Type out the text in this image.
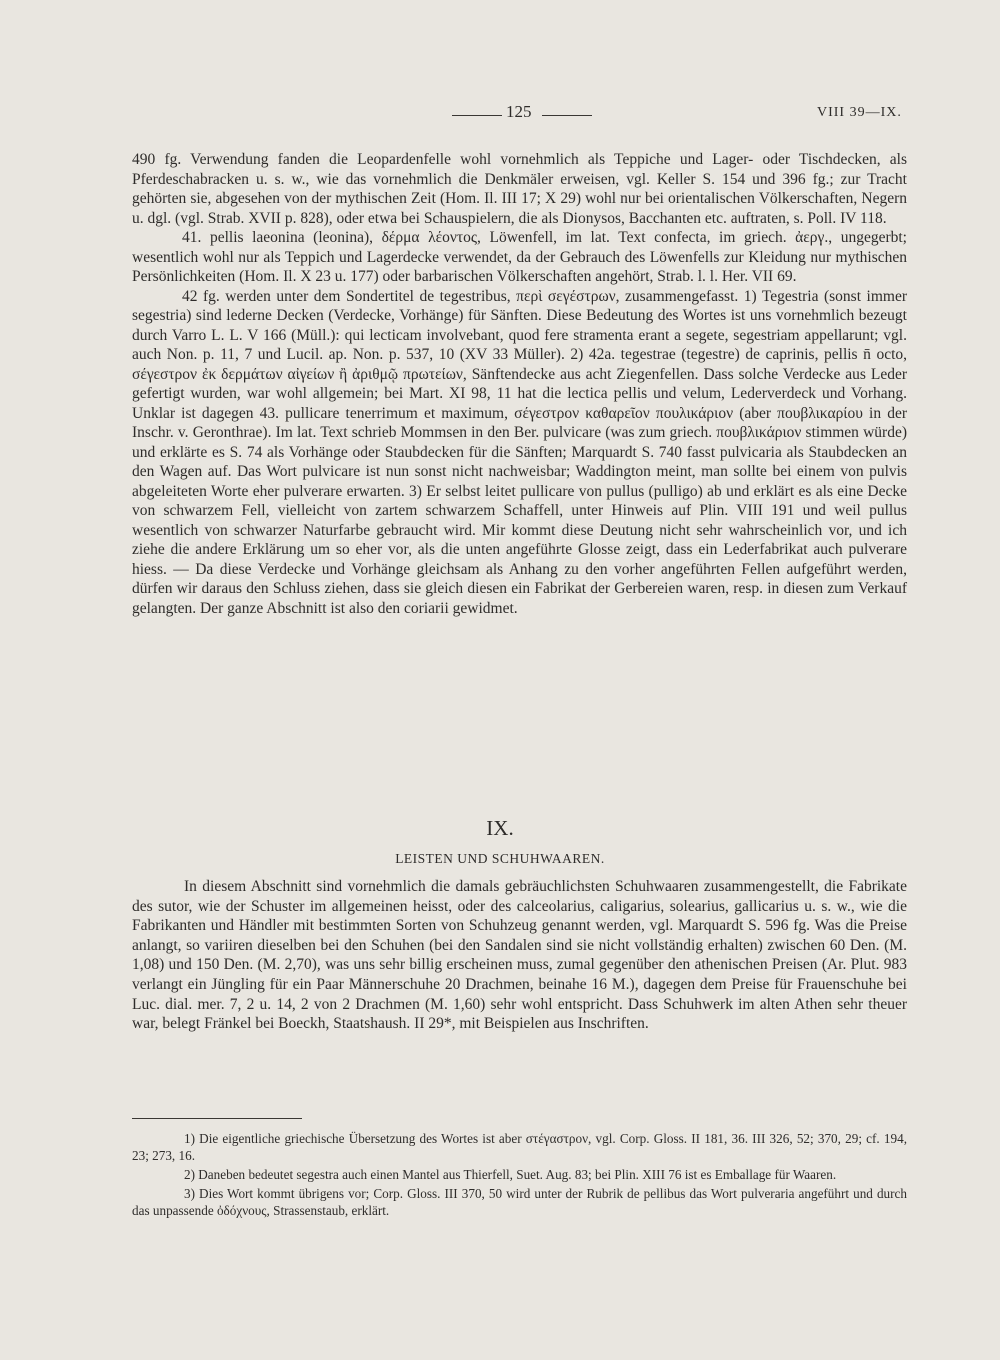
125	VIII 39—IX.

490 fg. Verwendung fanden die Leopardenfelle wohl vornehmlich als Teppiche und Lager- oder Tischdecken, als Pferdeschabracken u. s. w., wie das vornehmlich die Denkmäler erweisen, vgl. Keller S. 154 und 396 fg.; zur Tracht gehörten sie, abgesehen von der mythischen Zeit (Hom. Il. III 17; X 29) wohl nur bei orientalischen Völkerschaften, Negern u. dgl. (vgl. Strab. XVII p. 828), oder etwa bei Schauspielern, die als Dionysos, Bacchanten etc. auftraten, s. Poll. IV 118.

41. pellis laeonina (leonina), δέρμα λέοντος, Löwenfell, im lat. Text confecta, im griech. ἀεργ., ungegerbt; wesentlich wohl nur als Teppich und Lagerdecke verwendet, da der Gebrauch des Löwenfells zur Kleidung nur mythischen Persönlichkeiten (Hom. Il. X 23 u. 177) oder barbarischen Völkerschaften angehört, Strab. l. l. Her. VII 69.

42 fg. werden unter dem Sondertitel de tegestribus, περὶ σεγέστρων, zusammengefasst. 1) Tegestria (sonst immer segestria) sind lederne Decken (Verdecke, Vorhänge) für Sänften. Diese Bedeutung des Wortes ist uns vornehmlich bezeugt durch Varro L. L. V 166 (Müll.): qui lecticam involvebant, quod fere stramenta erant a segete, segestriam appellarunt; vgl. auch Non. p. 11, 7 und Lucil. ap. Non. p. 537, 10 (XV 33 Müller). 2) 42a. tegestrae (tegestre) de caprinis, pellis n̄ octo, σέγεστρον ἐκ δερμάτων αἰγείων ἢ ἀριθμῷ πρωτείων, Sänftendecke aus acht Ziegenfellen. Dass solche Verdecke aus Leder gefertigt wurden, war wohl allgemein; bei Mart. XI 98, 11 hat die lectica pellis und velum, Lederverdeck und Vorhang. Unklar ist dagegen 43. pullicare tenerrimum et maximum, σέγεστρον καθαρεῖον πουλικάριον (aber πουβλικαρίου in der Inschr. v. Geronthrae). Im lat. Text schrieb Mommsen in den Ber. pulvicare (was zum griech. πουβλικάριον stimmen würde) und erklärte es S. 74 als Vorhänge oder Staubdecken für die Sänften; Marquardt S. 740 fasst pulvicaria als Staubdecken an den Wagen auf. Das Wort pulvicare ist nun sonst nicht nachweisbar; Waddington meint, man sollte bei einem von pulvis abgeleiteten Worte eher pulverare erwarten. 3) Er selbst leitet pullicare von pullus (pulligo) ab und erklärt es als eine Decke von schwarzem Fell, vielleicht von zartem schwarzem Schaffell, unter Hinweis auf Plin. VIII 191 und weil pullus wesentlich von schwarzer Naturfarbe gebraucht wird. Mir kommt diese Deutung nicht sehr wahrscheinlich vor, und ich ziehe die andere Erklärung um so eher vor, als die unten angeführte Glosse zeigt, dass ein Lederfabrikat auch pulverare hiess. — Da diese Verdecke und Vorhänge gleichsam als Anhang zu den vorher angeführten Fellen aufgeführt werden, dürfen wir daraus den Schluss ziehen, dass sie gleich diesen ein Fabrikat der Gerbereien waren, resp. in diesen zum Verkauf gelangten. Der ganze Abschnitt ist also den coriarii gewidmet.

IX.
LEISTEN UND SCHUHWAAREN.
In diesem Abschnitt sind vornehmlich die damals gebräuchlichsten Schuhwaaren zusammengestellt, die Fabrikate des sutor, wie der Schuster im allgemeinen heisst, oder des calceolarius, caligarius, solearius, gallicarius u. s. w., wie die Fabrikanten und Händler mit bestimmten Sorten von Schuhzeug genannt werden, vgl. Marquardt S. 596 fg. Was die Preise anlangt, so variiren dieselben bei den Schuhen (bei den Sandalen sind sie nicht vollständig erhalten) zwischen 60 Den. (M. 1,08) und 150 Den. (M. 2,70), was uns sehr billig erscheinen muss, zumal gegenüber den athenischen Preisen (Ar. Plut. 983 verlangt ein Jüngling für ein Paar Männerschuhe 20 Drachmen, beinahe 16 M.), dagegen dem Preise für Frauenschuhe bei Luc. dial. mer. 7, 2 u. 14, 2 von 2 Drachmen (M. 1,60) sehr wohl entspricht. Dass Schuhwerk im alten Athen sehr theuer war, belegt Fränkel bei Boeckh, Staatshaush. II 29*, mit Beispielen aus Inschriften.

1) Die eigentliche griechische Übersetzung des Wortes ist aber στέγαστρον, vgl. Corp. Gloss. II 181, 36. III 326, 52; 370, 29; cf. 194, 23; 273, 16.

2) Daneben bedeutet segestra auch einen Mantel aus Thierfell, Suet. Aug. 83; bei Plin. XIII 76 ist es Emballage für Waaren.

3) Dies Wort kommt übrigens vor; Corp. Gloss. III 370, 50 wird unter der Rubrik de pellibus das Wort pulveraria angeführt und durch das unpassende ὀδόχνους, Strassenstaub, erklärt.
